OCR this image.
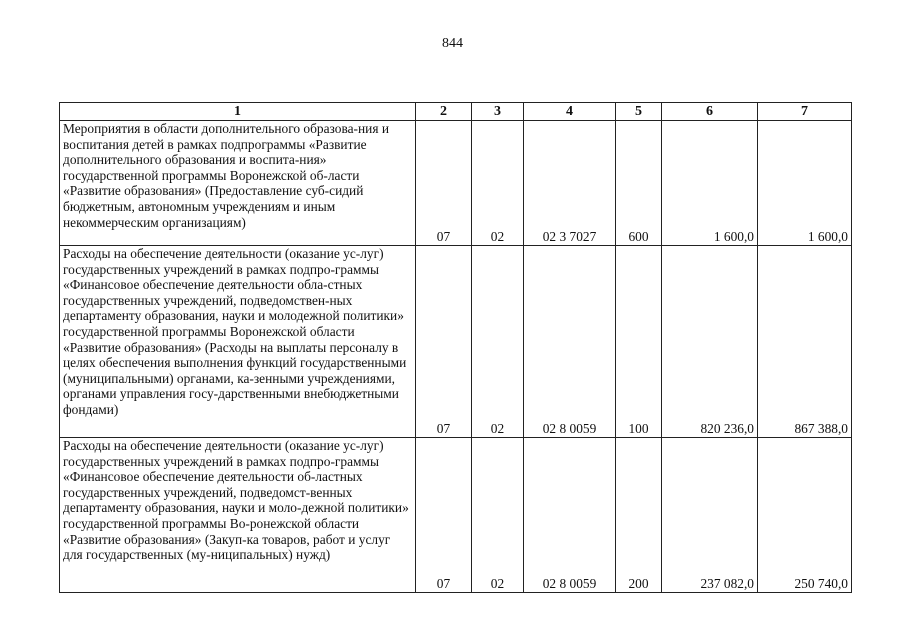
844
1	2	3	4	5	6	7
Мероприятия в области дополнительного образова-ния и воспитания детей в рамках подпрограммы «Развитие дополнительного образования и воспита-ния» государственной программы Воронежской об-ласти «Развитие образования» (Предоставление суб-сидий бюджетным, автономным учреждениям и иным некоммерческим организациям)	07	02	02 3 7027	600	1 600,0	1 600,0
Расходы на обеспечение деятельности (оказание ус-луг) государственных учреждений в рамках подпро-граммы «Финансовое обеспечение деятельности обла-стных государственных учреждений, подведомствен-ных департаменту образования, науки и молодежной политики» государственной программы Воронежской области «Развитие образования» (Расходы на выплаты персоналу в целях обеспечения выполнения функций государственными (муниципальными) органами, ка-зенными учреждениями, органами управления госу-дарственными внебюджетными фондами)	07	02	02 8 0059	100	820 236,0	867 388,0
Расходы на обеспечение деятельности (оказание ус-луг) государственных учреждений в рамках подпро-граммы «Финансовое обеспечение деятельности об-ластных государственных учреждений, подведомст-венных департаменту образования, науки и моло-дежной политики» государственной программы Во-ронежской области «Развитие образования» (Закуп-ка товаров, работ и услуг для государственных (му-ниципальных) нужд)	07	02	02 8 0059	200	237 082,0	250 740,0
